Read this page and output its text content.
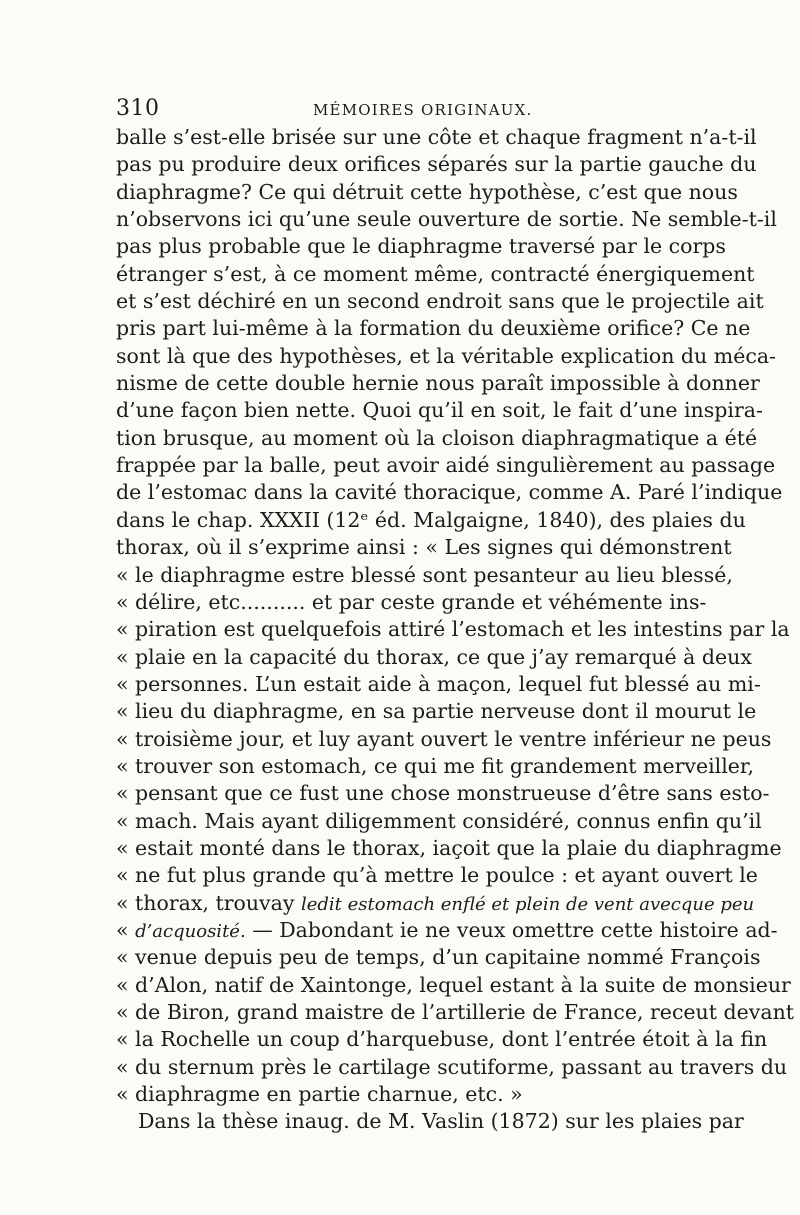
310	MÉMOIRES ORIGINAUX.
balle s’est-elle brisée sur une côte et chaque fragment n’a-t-il
pas pu produire deux orifices séparés sur la partie gauche du
diaphragme? Ce qui détruit cette hypothèse, c’est que nous
n’observons ici qu’une seule ouverture de sortie. Ne semble-t-il
pas plus probable que le diaphragme traversé par le corps
étranger s’est, à ce moment même, contracté énergiquement
et s’est déchiré en un second endroit sans que le projectile ait
pris part lui-même à la formation du deuxième orifice? Ce ne
sont là que des hypothèses, et la véritable explication du méca-
nisme de cette double hernie nous paraît impossible à donner
d’une façon bien nette. Quoi qu’il en soit, le fait d’une inspira-
tion brusque, au moment où la cloison diaphragmatique a été
frappée par la balle, peut avoir aidé singulièrement au passage
de l’estomac dans la cavité thoracique, comme A. Paré l’indique
dans le chap. XXXII (12ᵉ éd. Malgaigne, 1840), des plaies du
thorax, où il s’exprime ainsi : « Les signes qui démonstrent
« le diaphragme estre blessé sont pesanteur au lieu blessé,
« délire, etc.......... et par ceste grande et véhémente ins-
« piration est quelquefois attiré l’estomach et les intestins par la
« plaie en la capacité du thorax, ce que j’ay remarqué à deux
« personnes. L’un estait aide à maçon, lequel fut blessé au mi-
« lieu du diaphragme, en sa partie nerveuse dont il mourut le
« troisième jour, et luy ayant ouvert le ventre inférieur ne peus
« trouver son estomach, ce qui me fit grandement merveiller,
« pensant que ce fust une chose monstrueuse d’être sans esto-
« mach. Mais ayant diligemment considéré, connus enfin qu’il
« estait monté dans le thorax, iaçoit que la plaie du diaphragme
« ne fut plus grande qu’à mettre le poulce : et ayant ouvert le
« thorax, trouvay ledit estomach enflé et plein de vent avecque peu
« d’acquosité. — Dabondant ie ne veux omettre cette histoire ad-
« venue depuis peu de temps, d’un capitaine nommé François
« d’Alon, natif de Xaintonge, lequel estant à la suite de monsieur
« de Biron, grand maistre de l’artillerie de France, receut devant
« la Rochelle un coup d’harquebuse, dont l’entrée étoit à la fin
« du sternum près le cartilage scutiforme, passant au travers du
« diaphragme en partie charnue, etc. »
Dans la thèse inaug. de M. Vaslin (1872) sur les plaies par
